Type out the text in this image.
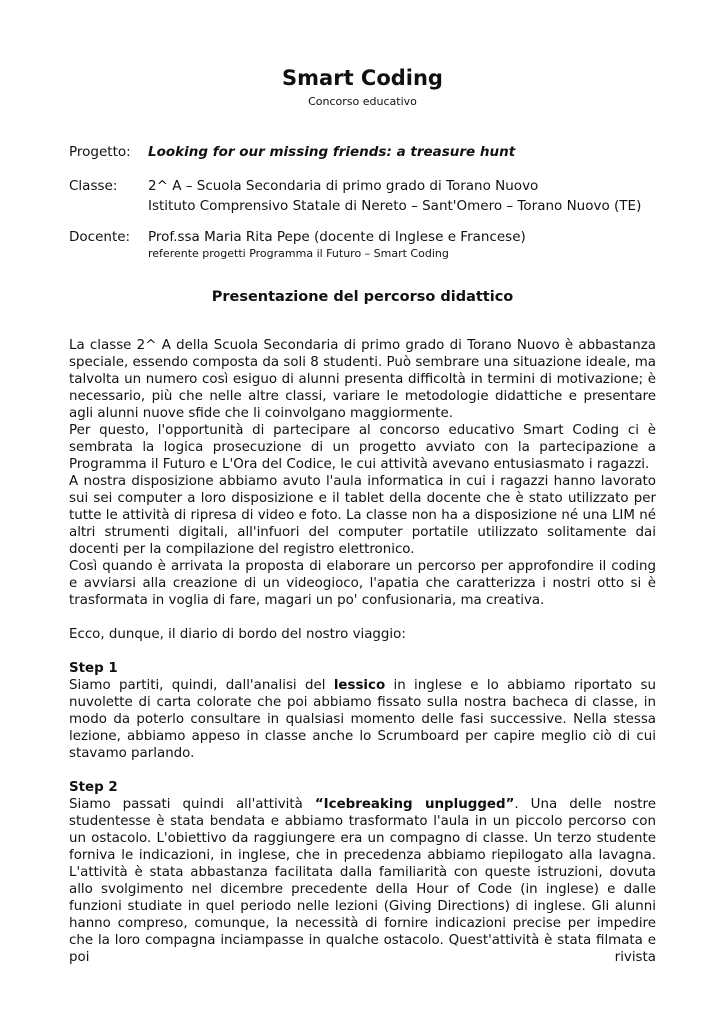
Smart Coding

Concorso educativo

Progetto: Looking for our missing friends: a treasure hunt
Classe: 2^ A – Scuola Secondaria di primo grado di Torano Nuovo
Istituto Comprensivo Statale di Nereto – Sant'Omero – Torano Nuovo (TE)
Docente: Prof.ssa Maria Rita Pepe (docente di Inglese e Francese)
referente progetti Programma il Futuro – Smart Coding
Presentazione del percorso didattico

La classe 2^ A della Scuola Secondaria di primo grado di Torano Nuovo è abbastanza speciale, essendo composta da soli 8 studenti. Può sembrare una situazione ideale, ma talvolta un numero così esiguo di alunni presenta difficoltà in termini di motivazione; è necessario, più che nelle altre classi, variare le metodologie didattiche e presentare agli alunni nuove sfide che li coinvolgano maggiormente.

Per questo, l'opportunità di partecipare al concorso educativo Smart Coding ci è sembrata la logica prosecuzione di un progetto avviato con la partecipazione a Programma il Futuro e L'Ora del Codice, le cui attività avevano entusiasmato i ragazzi.

A nostra disposizione abbiamo avuto l'aula informatica in cui i ragazzi hanno lavorato sui sei computer a loro disposizione e il tablet della docente che è stato utilizzato per tutte le attività di ripresa di video e foto. La classe non ha a disposizione né una LIM né altri strumenti digitali, all'infuori del computer portatile utilizzato solitamente dai docenti per la compilazione del registro elettronico.

Così quando è arrivata la proposta di elaborare un percorso per approfondire il coding e avviarsi alla creazione di un videogioco, l'apatia che caratterizza i nostri otto si è trasformata in voglia di fare, magari un po' confusionaria, ma creativa.

Ecco, dunque, il diario di bordo del nostro viaggio:

Step 1

Siamo partiti, quindi, dall'analisi del lessico in inglese e lo abbiamo riportato su nuvolette di carta colorate che poi abbiamo fissato sulla nostra bacheca di classe, in modo da poterlo consultare in qualsiasi momento delle fasi successive. Nella stessa lezione, abbiamo appeso in classe anche lo Scrumboard per capire meglio ciò di cui stavamo parlando.

Step 2

Siamo passati quindi all'attività “Icebreaking unplugged”. Una delle nostre studentesse è stata bendata e abbiamo trasformato l'aula in un piccolo percorso con un ostacolo. L'obiettivo da raggiungere era un compagno di classe. Un terzo studente forniva le indicazioni, in inglese, che in precedenza abbiamo riepilogato alla lavagna. L'attività è stata abbastanza facilitata dalla familiarità con queste istruzioni, dovuta allo svolgimento nel dicembre precedente della Hour of Code (in inglese) e dalle funzioni studiate in quel periodo nelle lezioni (Giving Directions) di inglese. Gli alunni hanno compreso, comunque, la necessità di fornire indicazioni precise per impedire che la loro compagna inciampasse in qualche ostacolo. Quest'attività è stata filmata e poi rivista
